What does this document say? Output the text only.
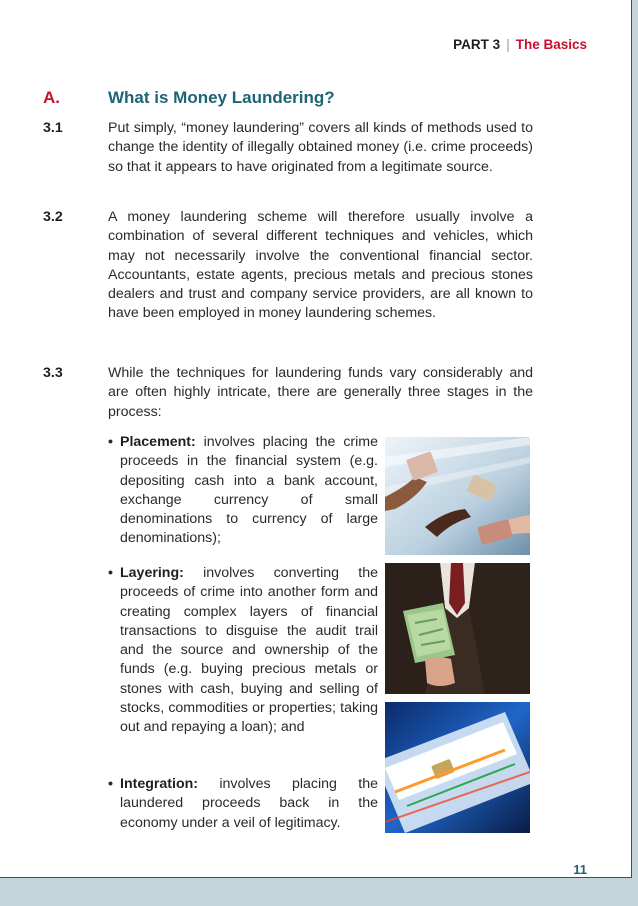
PART 3 | The Basics
A.	What is Money Laundering?
3.1	Put simply, “money laundering” covers all kinds of methods used to change the identity of illegally obtained money (i.e. crime proceeds) so that it appears to have originated from a legitimate source.
3.2	A money laundering scheme will therefore usually involve a combination of several different techniques and vehicles, which may not necessarily involve the conventional financial sector. Accountants, estate agents, precious metals and precious stones dealers and trust and company service providers, are all known to have been employed in money laundering schemes.
3.3	While the techniques for laundering funds vary considerably and are often highly intricate, there are generally three stages in the process:
• Placement: involves placing the crime proceeds in the financial system (e.g. depositing cash into a bank account, exchange currency of small denominations to currency of large denominations);
• Layering: involves converting the proceeds of crime into another form and creating complex layers of financial transactions to disguise the audit trail and the source and ownership of the funds (e.g. buying precious metals or stones with cash, buying and selling of stocks, commodities or properties; taking out and repaying a loan); and
• Integration: involves placing the laundered proceeds back in the economy under a veil of legitimacy.
11
